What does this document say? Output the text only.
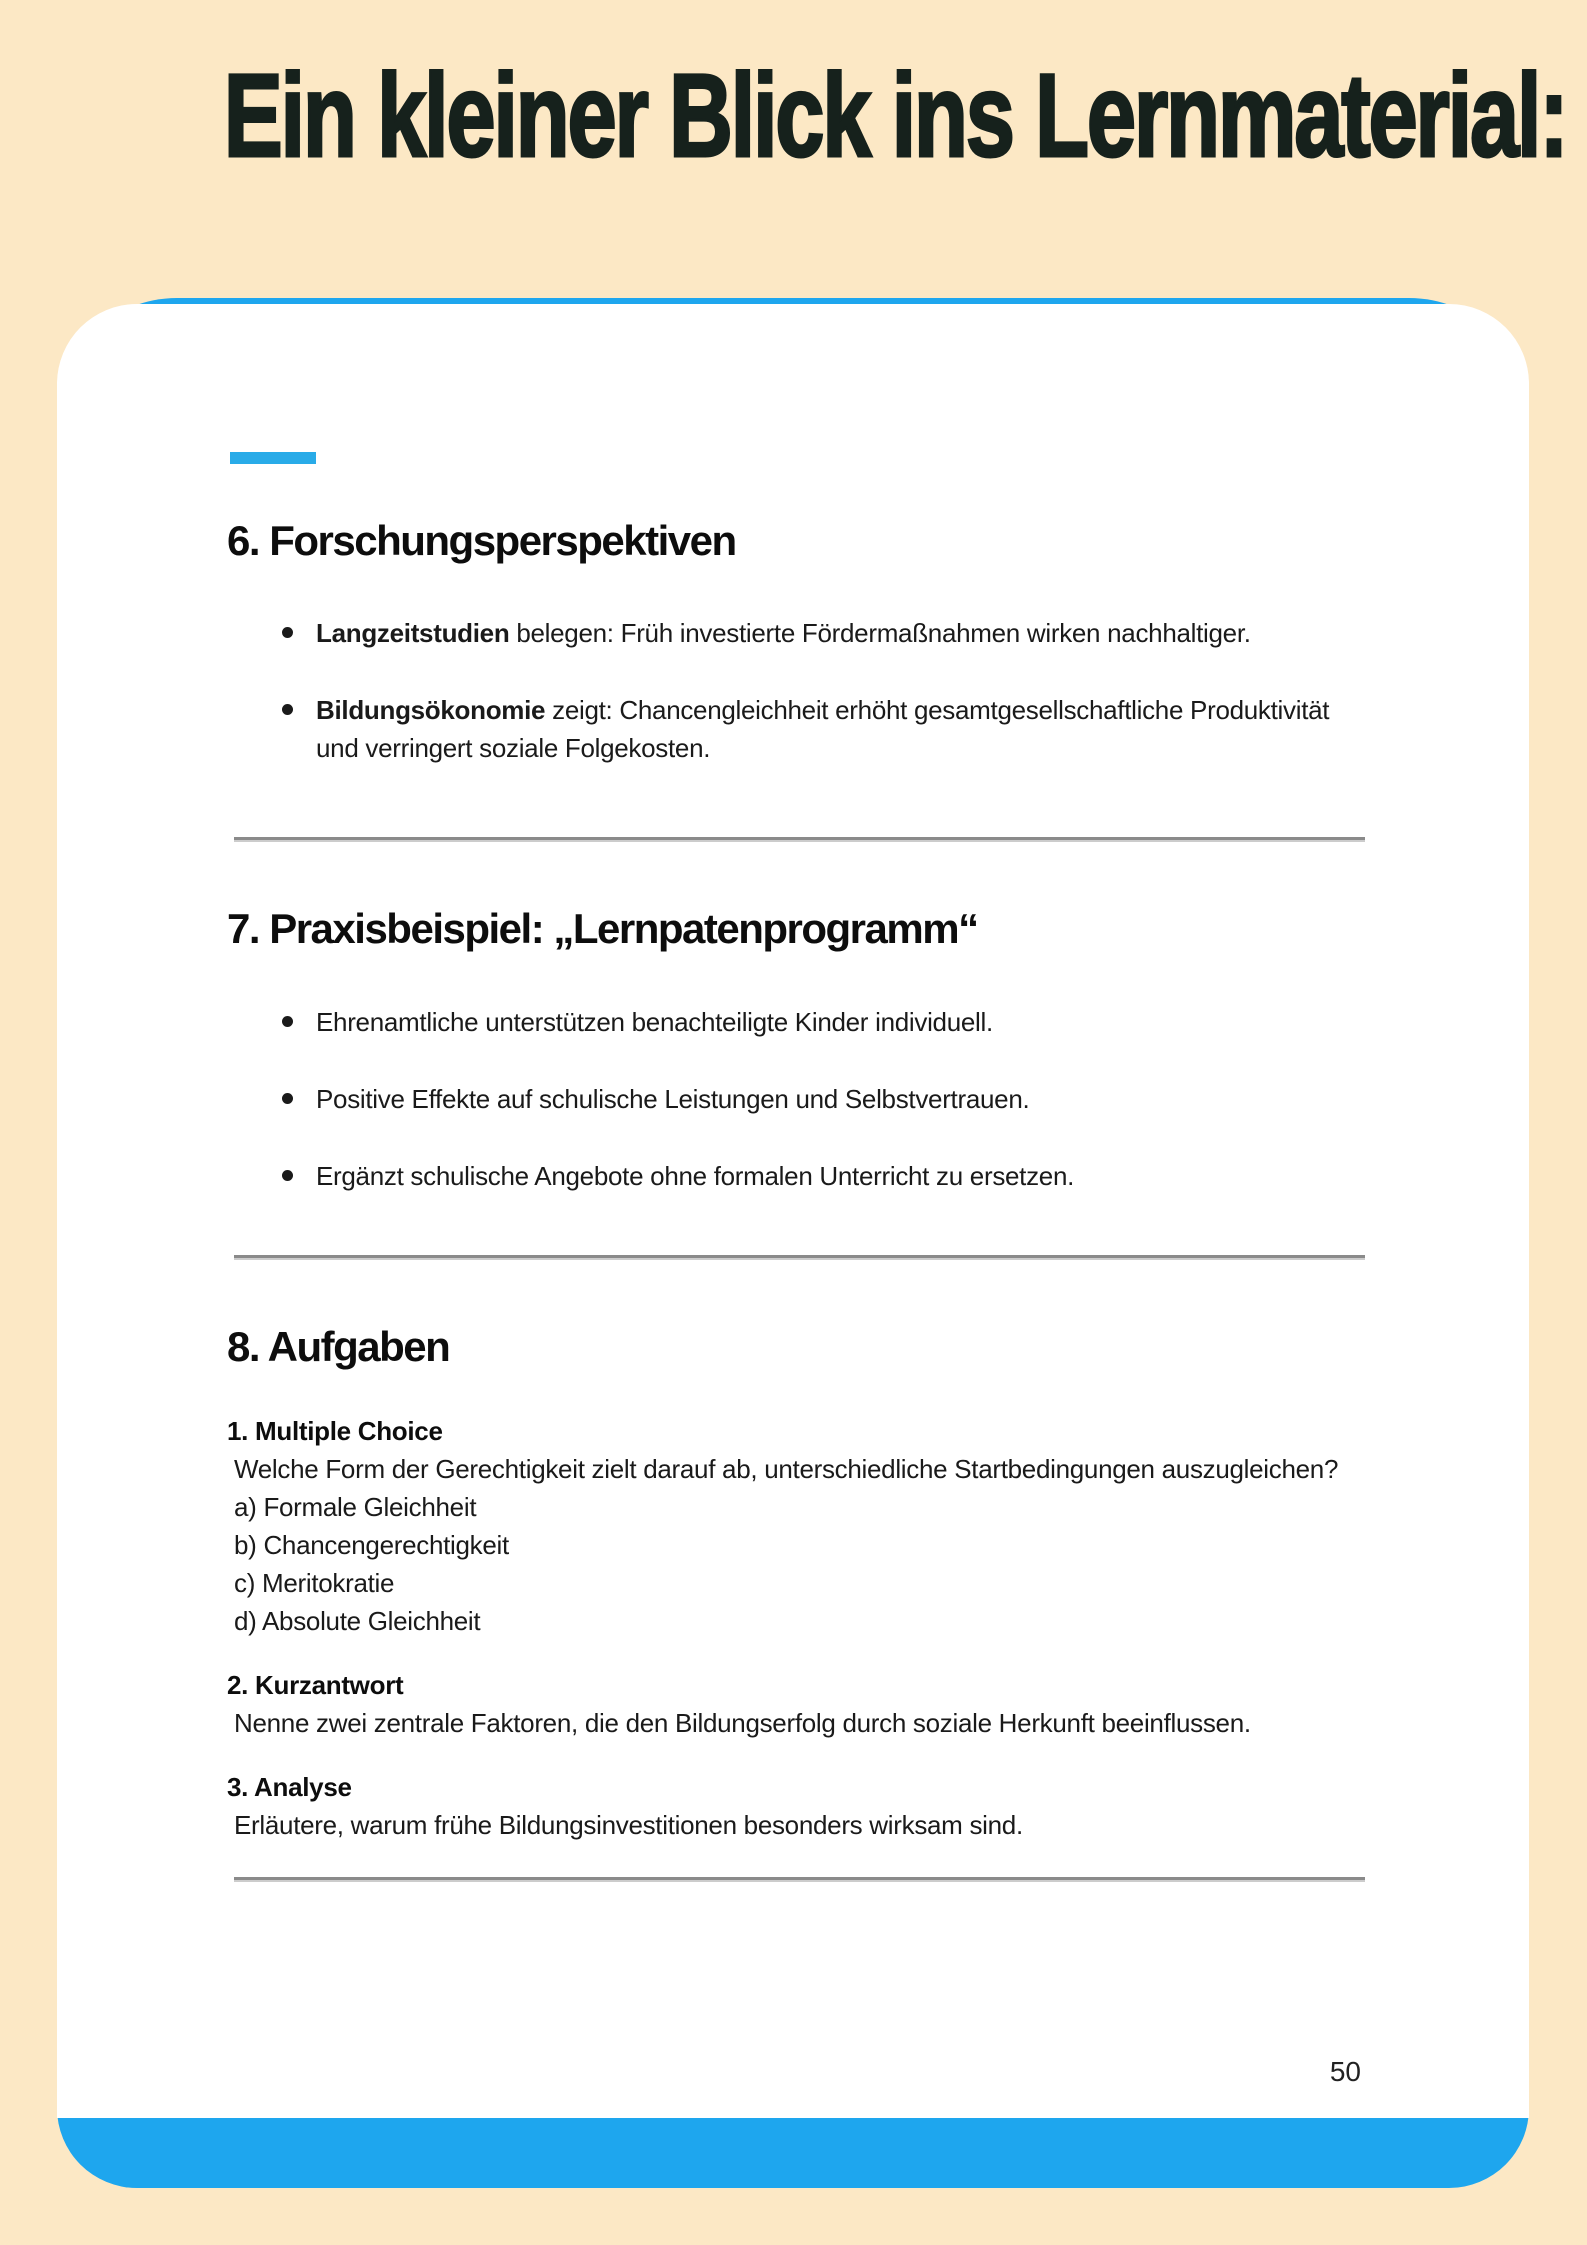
Ein kleiner Blick ins Lernmaterial:
6. Forschungsperspektiven
Langzeitstudien belegen: Früh investierte Fördermaßnahmen wirken nachhaltiger.
Bildungsökonomie zeigt: Chancengleichheit erhöht gesamtgesellschaftliche Produktivität und verringert soziale Folgekosten.
7. Praxisbeispiel: „Lernpatenprogramm“
Ehrenamtliche unterstützen benachteiligte Kinder individuell.
Positive Effekte auf schulische Leistungen und Selbstvertrauen.
Ergänzt schulische Angebote ohne formalen Unterricht zu ersetzen.
8. Aufgaben
1. Multiple Choice
Welche Form der Gerechtigkeit zielt darauf ab, unterschiedliche Startbedingungen auszugleichen?
a) Formale Gleichheit
b) Chancengerechtigkeit
c) Meritokratie
d) Absolute Gleichheit
2. Kurzantwort
Nenne zwei zentrale Faktoren, die den Bildungserfolg durch soziale Herkunft beeinflussen.
3. Analyse
Erläutere, warum frühe Bildungsinvestitionen besonders wirksam sind.
50
